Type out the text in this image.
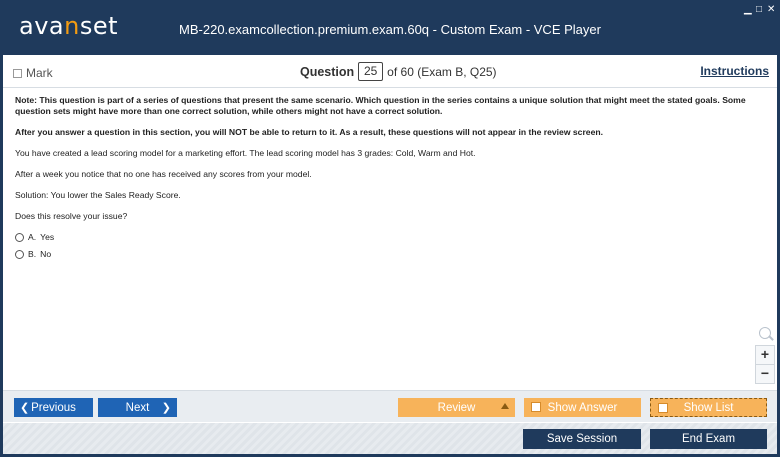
avanset	MB-220.examcollection.premium.exam.60q - Custom Exam - VCE Player
▁ □ ✕
Mark	Question 25 of 60 (Exam B, Q25)	Instructions

Note: This question is part of a series of questions that present the same scenario. Which question in the series contains a unique solution that might meet the stated goals. Some question sets might have more than one correct solution, while others might not have a correct solution.

After you answer a question in this section, you will NOT be able to return to it. As a result, these questions will not appear in the review screen.

You have created a lead scoring model for a marketing effort. The lead scoring model has 3 grades: Cold, Warm and Hot.

After a week you notice that no one has received any scores from your model.

Solution: You lower the Sales Ready Score.

Does this resolve your issue?

A. Yes
B. No
+
−
❮ Previous	Next ❯	Review	Show Answer	Show List
Save Session	End Exam
